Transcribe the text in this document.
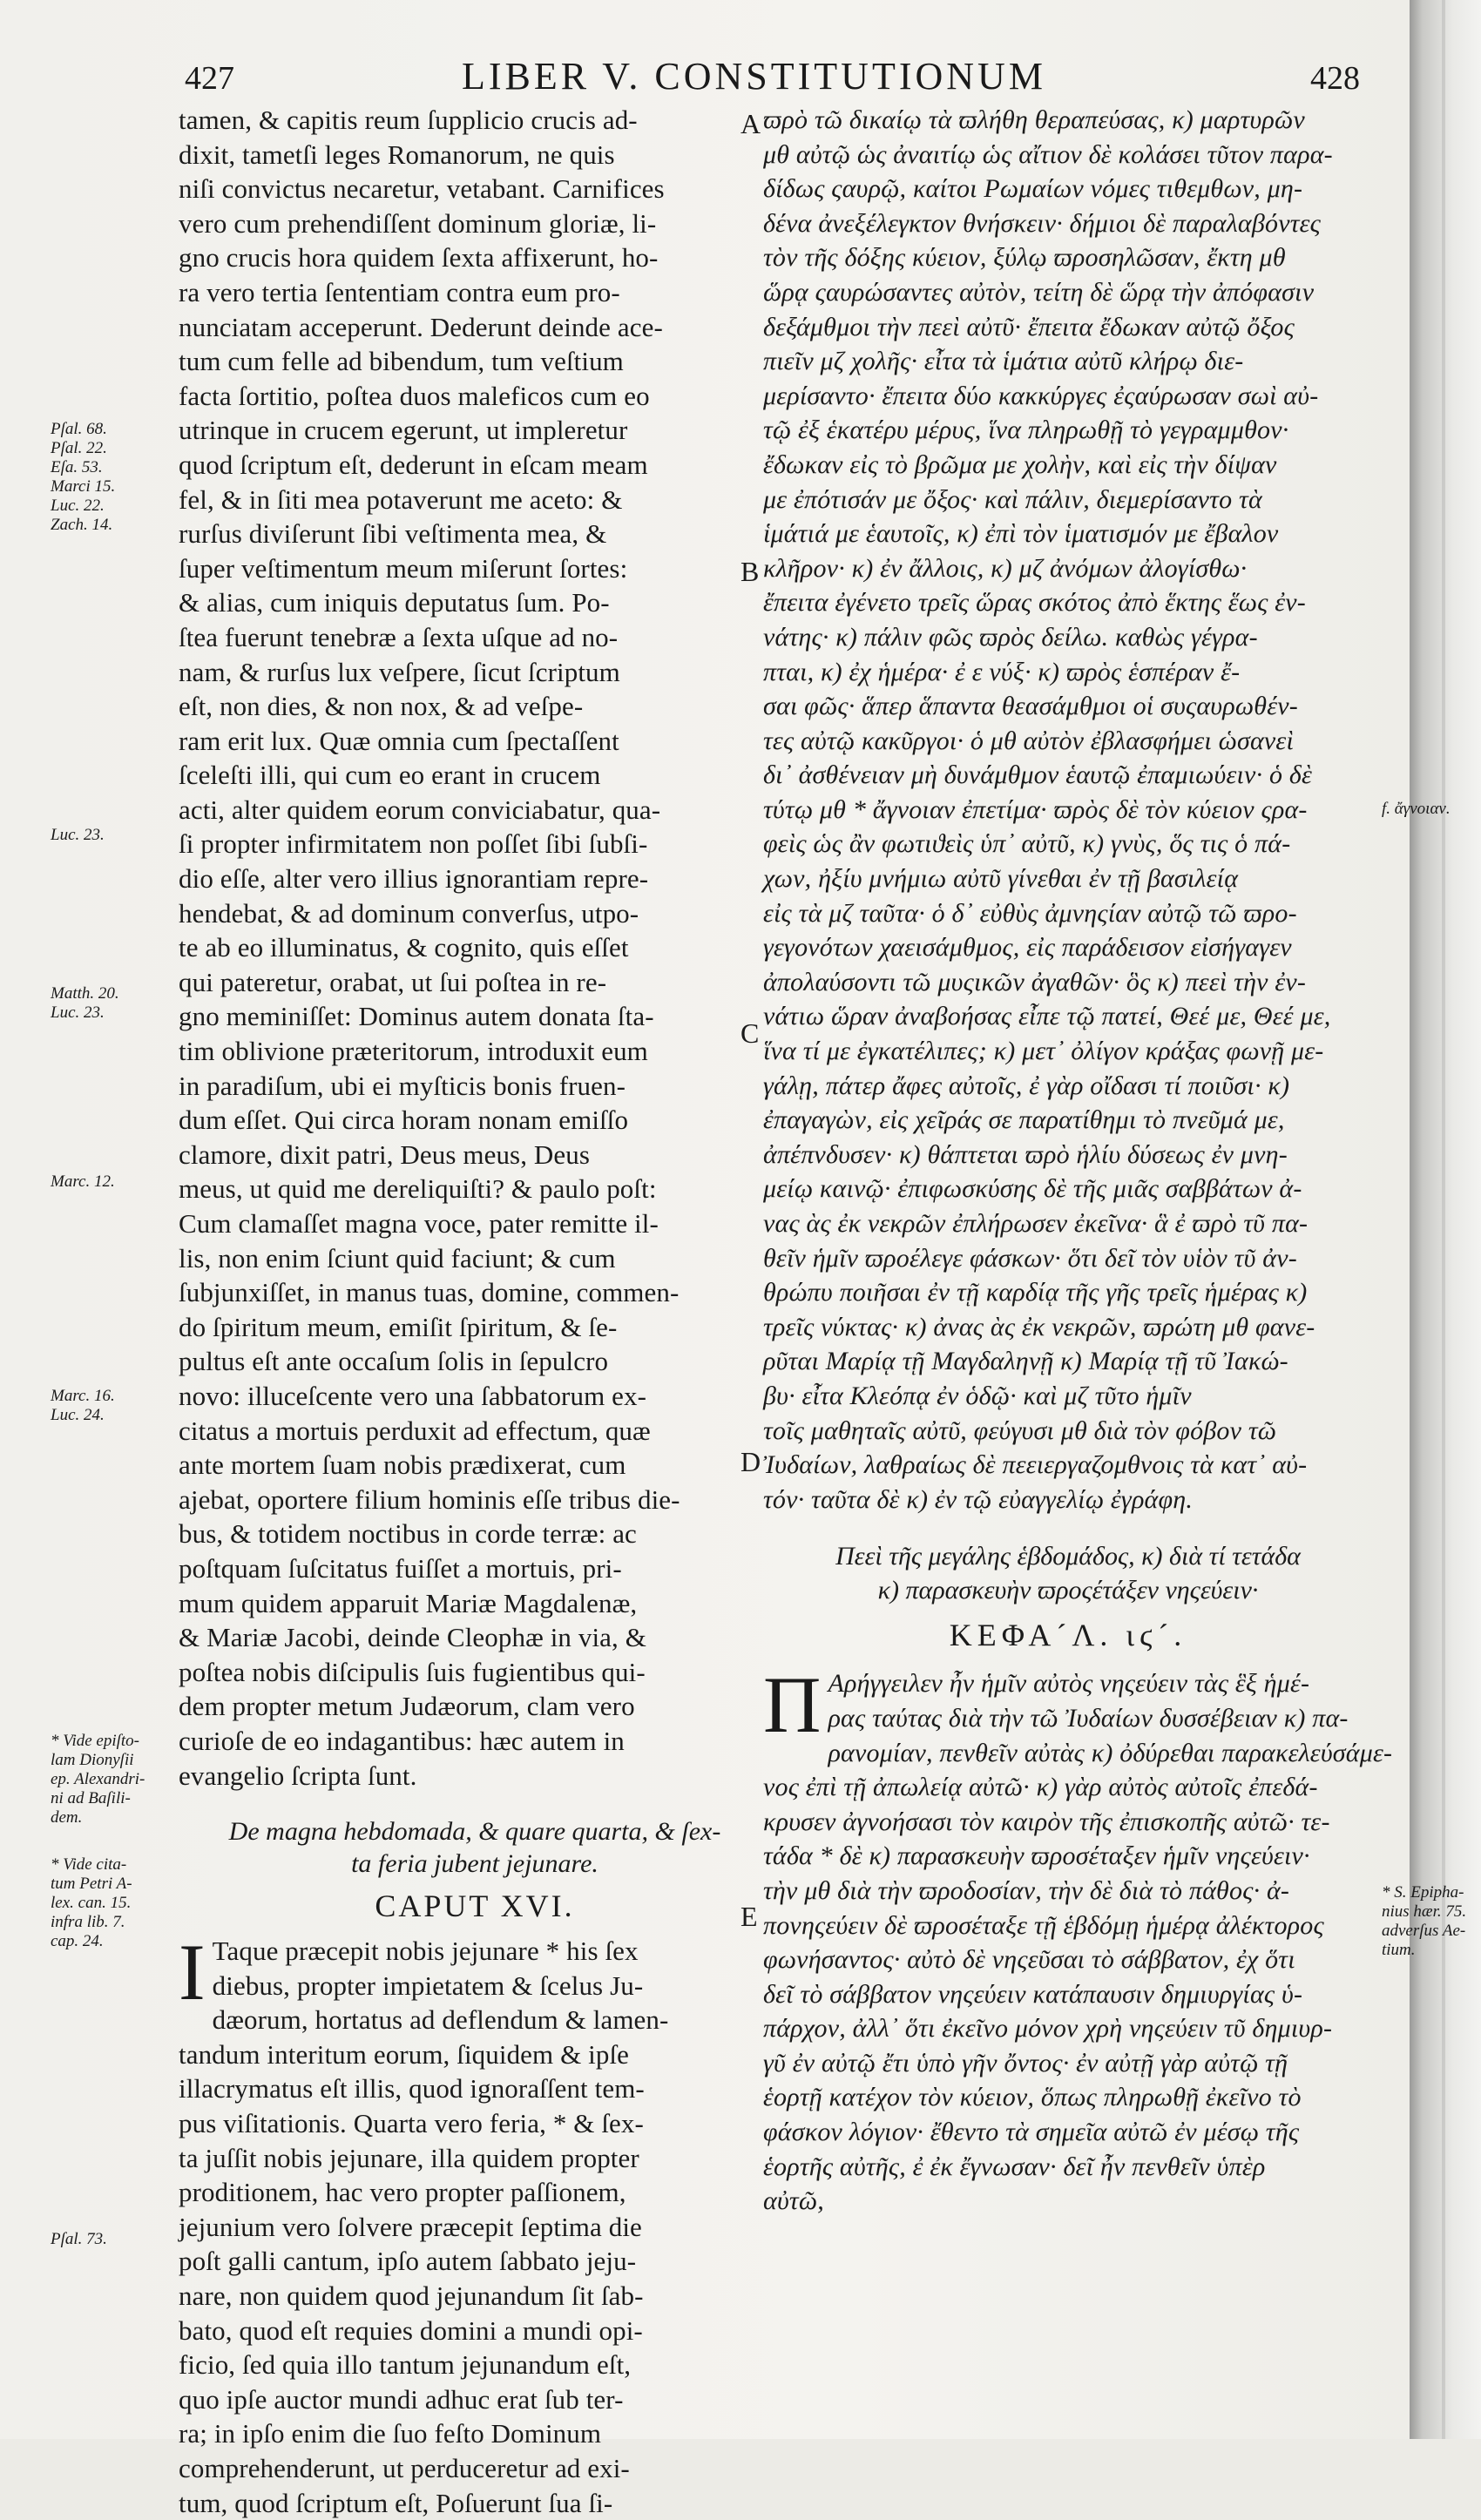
427	LIBER V. CONSTITUTIONUM	428
tamen, & capitis reum ſupplicio crucis ad-
dixit, tametſi leges Romanorum, ne quis
niſi convictus necaretur, vetabant. Carnifices
vero cum prehendiſſent dominum gloriæ, li-
gno crucis hora quidem ſexta affixerunt, ho-
ra vero tertia ſententiam contra eum pro-
nunciatam acceperunt. Dederunt deinde ace-
tum cum felle ad bibendum, tum veſtium
facta ſortitio, poſtea duos maleficos cum eo
utrinque in crucem egerunt, ut impleretur
quod ſcriptum eſt, dederunt in eſcam meam
fel, & in ſiti mea potaverunt me aceto: &
rurſus diviſerunt ſibi veſtimenta mea, &
ſuper veſtimentum meum miſerunt ſortes:
& alias, cum iniquis deputatus ſum. Po-
ſtea fuerunt tenebræ a ſexta uſque ad no-
nam, & rurſus lux veſpere, ſicut ſcriptum
eſt, non dies, & non nox, & ad veſpe-
ram erit lux. Quæ omnia cum ſpectaſſent
ſceleſti illi, qui cum eo erant in crucem
acti, alter quidem eorum conviciabatur, qua-
ſi propter infirmitatem non poſſet ſibi ſubſi-
dio eſſe, alter vero illius ignorantiam repre-
hendebat, & ad dominum converſus, utpo-
te ab eo illuminatus, & cognito, quis eſſet
qui pateretur, orabat, ut ſui poſtea in re-
gno meminiſſet: Dominus autem donata ſta-
tim oblivione præteritorum, introduxit eum
in paradiſum, ubi ei myſticis bonis fruen-
dum eſſet. Qui circa horam nonam emiſſo
clamore, dixit patri, Deus meus, Deus
meus, ut quid me dereliquiſti? & paulo poſt:
Cum clamaſſet magna voce, pater remitte il-
lis, non enim ſciunt quid faciunt; & cum
ſubjunxiſſet, in manus tuas, domine, commen-
do ſpiritum meum, emiſit ſpiritum, & ſe-
pultus eſt ante occaſum ſolis in ſepulcro
novo: illuceſcente vero una ſabbatorum ex-
citatus a mortuis perduxit ad effectum, quæ
ante mortem ſuam nobis prædixerat, cum
ajebat, oportere filium hominis eſſe tribus die-
bus, & totidem noctibus in corde terræ: ac
poſtquam ſuſcitatus fuiſſet a mortuis, pri-
mum quidem apparuit Mariæ Magdalenæ,
& Mariæ Jacobi, deinde Cleophæ in via, &
poſtea nobis diſcipulis ſuis fugientibus qui-
dem propter metum Judæorum, clam vero
curioſe de eo indagantibus: hæc autem in
evangelio ſcripta ſunt.
De magna hebdomada, & quare quarta, & ſex-
ta feria jubent jejunare.
CAPUT XVI.
I Taque præcepit nobis jejunare * his ſex
diebus, propter impietatem & ſcelus Ju-
dæorum, hortatus ad deflendum & lamen-
tandum interitum eorum, ſiquidem & ipſe
illacrymatus eſt illis, quod ignoraſſent tem-
pus viſitationis. Quarta vero feria, * & ſex-
ta juſſit nobis jejunare, illa quidem propter
proditionem, hac vero propter paſſionem,
jejunium vero ſolvere præcepit ſeptima die
poſt galli cantum, ipſo autem ſabbato jeju-
nare, non quidem quod jejunandum ſit ſab-
bato, quod eſt requies domini a mundi opi-
ficio, ſed quia illo tantum jejunandum eſt,
quo ipſe auctor mundi adhuc erat ſub ter-
ra; in ipſo enim die ſuo feſto Dominum
comprehenderunt, ut perduceretur ad exi-
tum, quod ſcriptum eſt, Poſuerunt ſua ſi-
ϖρὸ τῶ δικαίῳ τὰ ϖλήθη θεραπεύσας, κ) μαρτυρῶν
μθ αὐτῷ ὡς ἀναιτίῳ ὡς αἴτιον δὲ κολάσει τῦτον παρα-
δίδως ςαυρῷ, καίτοι Ρωμαίων νόμες τιθεμθων, μη-
δένα ἀνεξέλεγκτον θνήσκειν· δήμιοι δὲ παραλαβόντες
τὸν τῆς δόξης κύειον, ξύλῳ ϖροσηλῶσαν, ἔκτη μθ
ὥρᾳ ςαυρώσαντες αὐτὸν, τείτη δὲ ὥρᾳ τὴν ἀπόφασιν
δεξάμθμοι τὴν πεεὶ αὐτῦ· ἔπειτα ἔδωκαν αὐτῷ ὄξος
πιεῖν μζ χολῆς· εἶτα τὰ ἱμάτια αὐτῦ κλήρῳ διε-
μερίσαντο· ἔπειτα δύο κακκύργες ἐςαύρωσαν σωὶ αὐ-
τῷ ἐξ ἑκατέρυ μέρυς, ἵνα πληρωθῇ τὸ γεγραμμθον·
ἔδωκαν εἰς τὸ βρῶμα με χολὴν, καὶ εἰς τὴν δίψαν
με ἐπότισάν με ὄξος· καὶ πάλιν, διεμερίσαντο τὰ
ἱμάτιά με ἑαυτοῖς, κ) ἐπὶ τὸν ἱματισμόν με ἔβαλον
κλῆρον· κ) ἐν ἄλλοις, κ) μζ ἀνόμων ἀλογίσθω·
ἔπειτα ἐγένετο τρεῖς ὥρας σκότος ἀπὸ ἕκτης ἕως ἐν-
νάτης· κ) πάλιν φῶς ϖρὸς δείλω. καθὼς γέγρα-
πται, κ) ἐχ ἡμέρα· ἐ ε νύξ· κ) ϖρὸς ἑσπέραν ἔ-
σαι φῶς· ἅπερ ἅπαντα θεασάμθμοι οἱ συςαυρωθέν-
τες αὐτῷ κακῦργοι· ὁ μθ αὐτὸν ἐβλασφήμει ὡσανεὶ
δι᾽ ἀσθένειαν μὴ δυνάμθμον ἑαυτῷ ἐπαμιωύειν· ὁ δὲ
τύτῳ μθ * ἄγνοιαν ἐπετίμα· ϖρὸς δὲ τὸν κύειον ςρα-
φεὶς ὡς ἂν φωτιϑεὶς ὑπ᾽ αὐτῦ, κ) γνὺς, ὅς τις ὁ πά-
χων, ἠξίυ μνήμιω αὐτῦ γίνεθαι ἐν τῇ βασιλείᾳ
εἰς τὰ μζ ταῦτα· ὁ δ᾽ εὐθὺς ἀμνηςίαν αὐτῷ τῶ ϖρο-
γεγονότων χαεισάμθμος, εἰς παράδεισον εἰσήγαγεν
ἀπολαύσοντι τῶ μυςικῶν ἀγαθῶν· ὃς κ) πεεὶ τὴν ἐν-
νάτιω ὥραν ἀναβοήσας εἶπε τῷ πατεί, Θεέ με, Θεέ με,
ἵνα τί με ἐγκατέλιπες; κ) μετ᾽ ὀλίγον κράξας φωνῇ με-
γάλῃ, πάτερ ἄφες αὐτοῖς, ἐ γὰρ οἴδασι τί ποιῦσι· κ)
ἐπαγαγὼν, εἰς χεῖράς σε παρατίθημι τὸ πνεῦμά με,
ἀπέπνδυσεν· κ) θάπτεται ϖρὸ ἡλίυ δύσεως ἐν μνη-
μείῳ καινῷ· ἐπιφωσκύσης δὲ τῆς μιᾶς σαββάτων ἀ-
νας ὰς ἐκ νεκρῶν ἐπλήρωσεν ἐκεῖνα· ἃ ἐ ϖρὸ τῦ πα-
θεῖν ἡμῖν ϖροέλεγε φάσκων· ὅτι δεῖ τὸν υἱὸν τῦ ἀν-
θρώπυ ποιῆσαι ἐν τῇ καρδίᾳ τῆς γῆς τρεῖς ἡμέρας κ)
τρεῖς νύκτας· κ) ἀνας ὰς ἐκ νεκρῶν, ϖρώτη μθ φανε-
ρῦται Μαρίᾳ τῇ Μαγδαληνῇ κ) Μαρίᾳ τῇ τῦ Ἰακώ-
βυ· εἶτα Κλεόπᾳ ἐν ὁδῷ· καὶ μζ τῦτο ἡμῖν
τοῖς μαθηταῖς αὐτῦ, φεύγυσι μθ διὰ τὸν φόβον τῶ
Ἰυδαίων, λαθραίως δὲ πεειεργαζομθνοις τὰ κατ᾽ αὐ-
τόν· ταῦτα δὲ κ) ἐν τῷ εὐαγγελίῳ ἐγράφη.
Πεεὶ τῆς μεγάλης ἑβδομάδος, κ) διὰ τί τετάδα
κ) παρασκευὴν ϖροςέτάξεν νηςεύειν·
ΚΕΦΑ´Λ. ιϛ´.
Π Αρήγγειλεν ἦν ἡμῖν αὐτὸς νηςεύειν τὰς ἓξ ἡμέ-
ρας ταύτας διὰ τὴν τῶ Ἰυδαίων δυσσέβειαν κ) πα-
ρανομίαν, πενθεῖν αὐτὰς κ) ὀδύρεθαι παρακελεύσάμε-
νος ἐπὶ τῇ ἀπωλείᾳ αὐτῶ· κ) γὰρ αὐτὸς αὐτοῖς ἐπεδά-
κρυσεν ἀγνοήσασι τὸν καιρὸν τῆς ἐπισκοπῆς αὐτῶ· τε-
τάδα * δὲ κ) παρασκευὴν ϖροσέταξεν ἡμῖν νηςεύειν·
τὴν μθ διὰ τὴν ϖροδοσίαν, τὴν δὲ διὰ τὸ πάθος· ἀ-
πονηςεύειν δὲ ϖροσέταξε τῇ ἑβδόμῃ ἡμέρᾳ ἀλέκτορος
φωνήσαντος· αὐτὸ δὲ νηςεῦσαι τὸ σάββατον, ἐχ ὅτι
δεῖ τὸ σάββατον νηςεύειν κατάπαυσιν δημιυργίας ὑ-
πάρχον, ἀλλ᾽ ὅτι ἐκεῖνο μόνον χρὴ νηςεύειν τῦ δημιυρ-
γῦ ἐν αὐτῷ ἔτι ὑπὸ γῆν ὄντος· ἐν αὐτῇ γὰρ αὐτῷ τῇ
ἑορτῇ κατέχον τὸν κύειον, ὅπως πληρωθῇ ἐκεῖνο τὸ
φάσκον λόγιον· ἔθεντο τὰ σημεῖα αὐτῶ ἐν μέσῳ τῆς
ἑορτῆς αὐτῆς, ἐ ἐκ ἔγνωσαν· δεῖ ἦν πενθεῖν ὑπὲρ
αὐτῶ,
A
B
C
D
E
Pſal. 68.
Pſal. 22.
Eſa. 53.
Marci 15.
Luc. 22.
Zach. 14.
Luc. 23.
Matth. 20.
Luc. 23.
Marc. 12.
Marc. 16.
Luc. 24.
* Vide epiſto-
lam Dionyſii
ep. Alexandri-
ni ad Baſili-
dem.
* Vide cita-
tum Petri A-
lex. can. 15.
infra lib. 7.
cap. 24.
Pſal. 73.
f. ἄγνοιαν.
* S. Epipha-
nius hær. 75.
adverſus Ae-
tium.
